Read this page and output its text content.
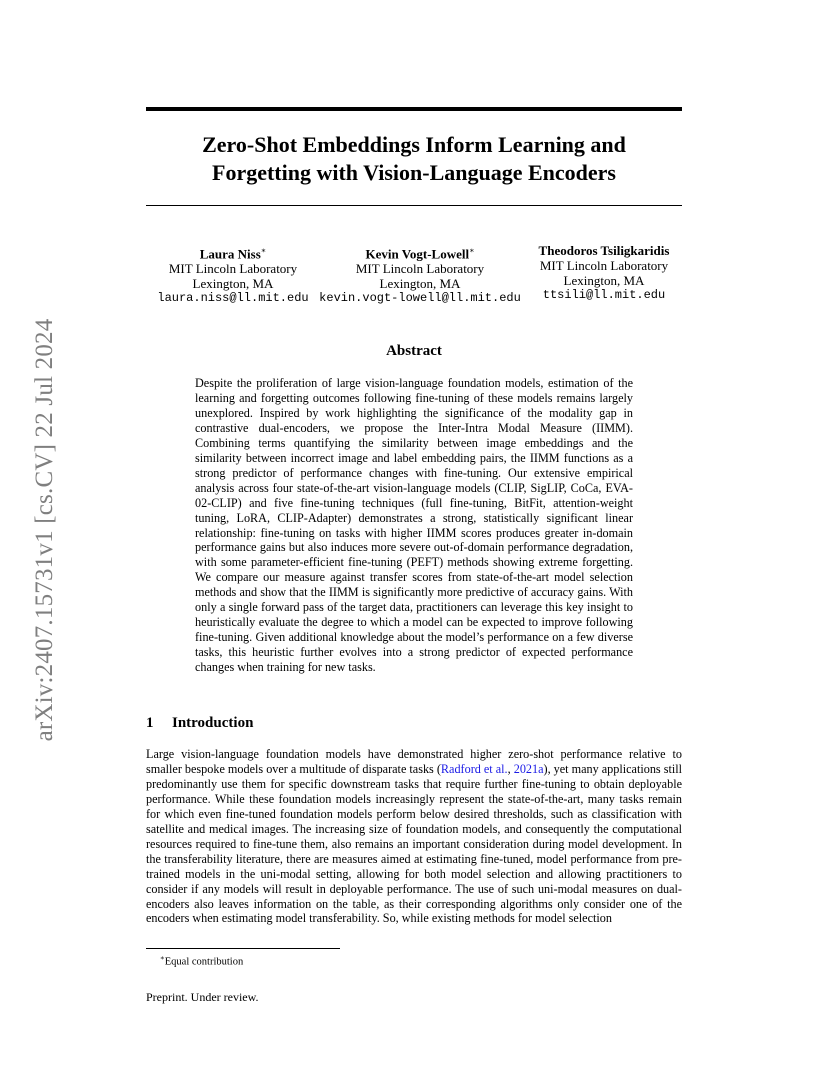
arXiv:2407.15731v1 [cs.CV] 22 Jul 2024
Zero-Shot Embeddings Inform Learning and
Forgetting with Vision-Language Encoders
Laura Niss∗
MIT Lincoln Laboratory
Lexington, MA
laura.niss@ll.mit.edu
Kevin Vogt-Lowell∗
MIT Lincoln Laboratory
Lexington, MA
kevin.vogt-lowell@ll.mit.edu
Theodoros Tsiligkaridis
MIT Lincoln Laboratory
Lexington, MA
ttsili@ll.mit.edu
Abstract
Despite the proliferation of large vision-language foundation models, estimation of the learning and forgetting outcomes following fine-tuning of these models remains largely unexplored. Inspired by work highlighting the significance of the modality gap in contrastive dual-encoders, we propose the Inter-Intra Modal Measure (IIMM). Combining terms quantifying the similarity between image embeddings and the similarity between incorrect image and label embedding pairs, the IIMM functions as a strong predictor of performance changes with fine-tuning. Our extensive empirical analysis across four state-of-the-art vision-language models (CLIP, SigLIP, CoCa, EVA-02-CLIP) and five fine-tuning techniques (full fine-tuning, BitFit, attention-weight tuning, LoRA, CLIP-Adapter) demonstrates a strong, statistically significant linear relationship: fine-tuning on tasks with higher IIMM scores produces greater in-domain performance gains but also induces more severe out-of-domain performance degradation, with some parameter-efficient fine-tuning (PEFT) methods showing extreme forgetting. We compare our measure against transfer scores from state-of-the-art model selection methods and show that the IIMM is significantly more predictive of accuracy gains. With only a single forward pass of the target data, practitioners can leverage this key insight to heuristically evaluate the degree to which a model can be expected to improve following fine-tuning. Given additional knowledge about the model’s performance on a few diverse tasks, this heuristic further evolves into a strong predictor of expected performance changes when training for new tasks.
1 Introduction
Large vision-language foundation models have demonstrated higher zero-shot performance relative to smaller bespoke models over a multitude of disparate tasks (Radford et al., 2021a), yet many applications still predominantly use them for specific downstream tasks that require further fine-tuning to obtain deployable performance. While these foundation models increasingly represent the state-of-the-art, many tasks remain for which even fine-tuned foundation models perform below desired thresholds, such as classification with satellite and medical images. The increasing size of foundation models, and consequently the computational resources required to fine-tune them, also remains an important consideration during model development. In the transferability literature, there are measures aimed at estimating fine-tuned, model performance from pre-trained models in the uni-modal setting, allowing for both model selection and allowing practitioners to consider if any models will result in deployable performance. The use of such uni-modal measures on dual-encoders also leaves information on the table, as their corresponding algorithms only consider one of the encoders when estimating model transferability. So, while existing methods for model selection
∗Equal contribution
Preprint. Under review.
